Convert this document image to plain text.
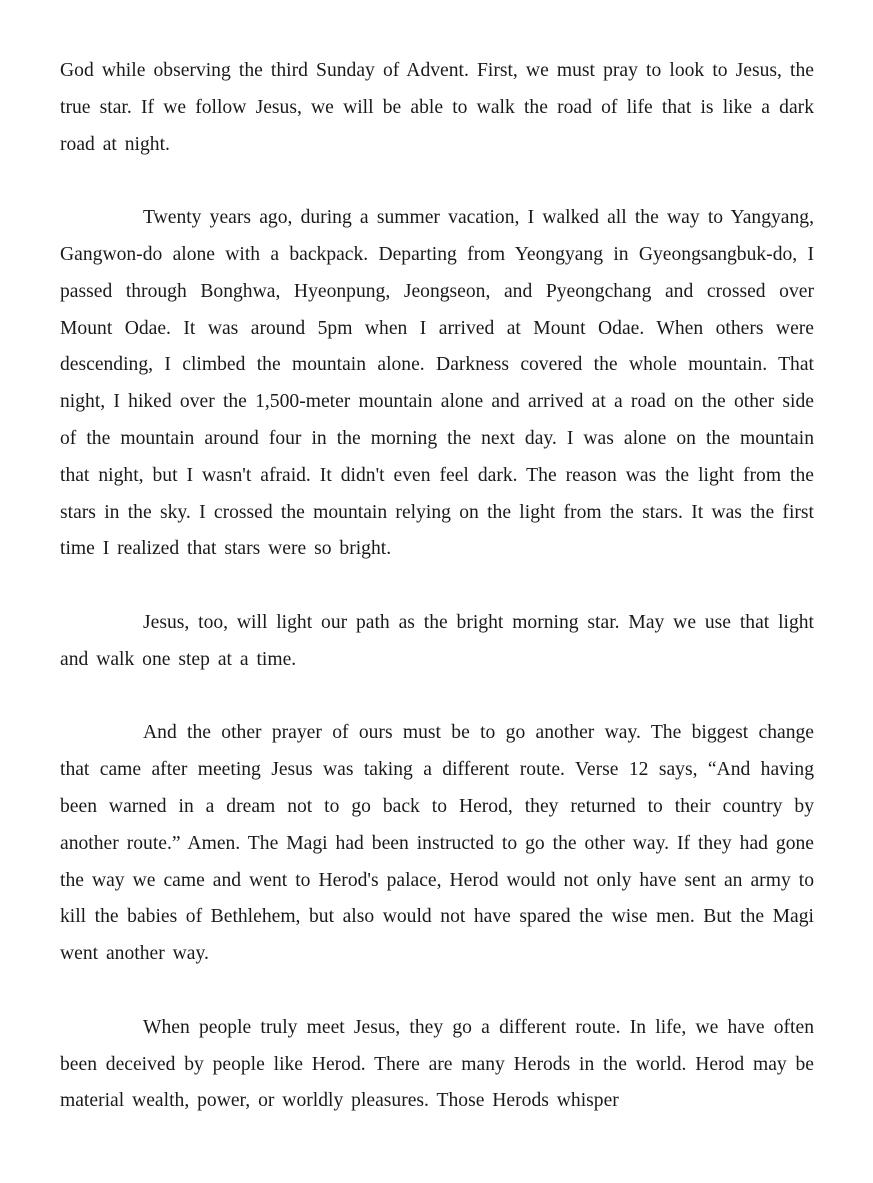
God while observing the third Sunday of Advent. First, we must pray to look to Jesus, the true star. If we follow Jesus, we will be able to walk the road of life that is like a dark road at night.

Twenty years ago, during a summer vacation, I walked all the way to Yangyang, Gangwon-do alone with a backpack. Departing from Yeongyang in Gyeongsangbuk-do, I passed through Bonghwa, Hyeonpung, Jeongseon, and Pyeongchang and crossed over Mount Odae. It was around 5pm when I arrived at Mount Odae. When others were descending, I climbed the mountain alone. Darkness covered the whole mountain. That night, I hiked over the 1,500-meter mountain alone and arrived at a road on the other side of the mountain around four in the morning the next day. I was alone on the mountain that night, but I wasn't afraid. It didn't even feel dark. The reason was the light from the stars in the sky. I crossed the mountain relying on the light from the stars. It was the first time I realized that stars were so bright.

Jesus, too, will light our path as the bright morning star. May we use that light and walk one step at a time.

And the other prayer of ours must be to go another way. The biggest change that came after meeting Jesus was taking a different route. Verse 12 says, “And having been warned in a dream not to go back to Herod, they returned to their country by another route.” Amen. The Magi had been instructed to go the other way. If they had gone the way we came and went to Herod's palace, Herod would not only have sent an army to kill the babies of Bethlehem, but also would not have spared the wise men. But the Magi went another way.

When people truly meet Jesus, they go a different route. In life, we have often been deceived by people like Herod. There are many Herods in the world. Herod may be material wealth, power, or worldly pleasures. Those Herods whisper
